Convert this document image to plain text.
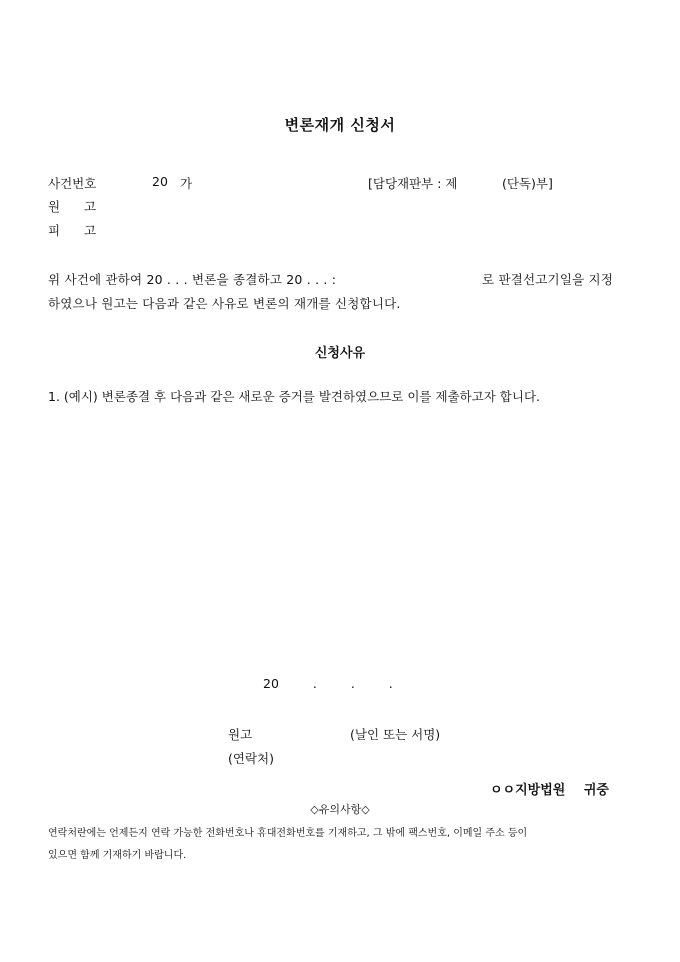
변론재개 신청서
사건번호	20 가	[담당재판부 : 제	(단독)부]
원 고
피 고
위 사건에 관하여 20 . . . 변론을 종결하고 20 . . . :	로 판결선고기일을 지정
하였으나 원고는 다음과 같은 사유로 변론의 재개를 신청합니다.
신청사유
1. (예시) 변론종결 후 다음과 같은 새로운 증거를 발견하였으므로 이를 제출하고자 합니다.
20 . . .
원고	(날인 또는 서명)
(연락처)
ㅇㅇ지방법원 귀중
◇유의사항◇
연락처란에는 언제든지 연락 가능한 전화번호나 휴대전화번호를 기재하고, 그 밖에 팩스번호, 이메일 주소 등이
있으면 함께 기재하기 바랍니다.
